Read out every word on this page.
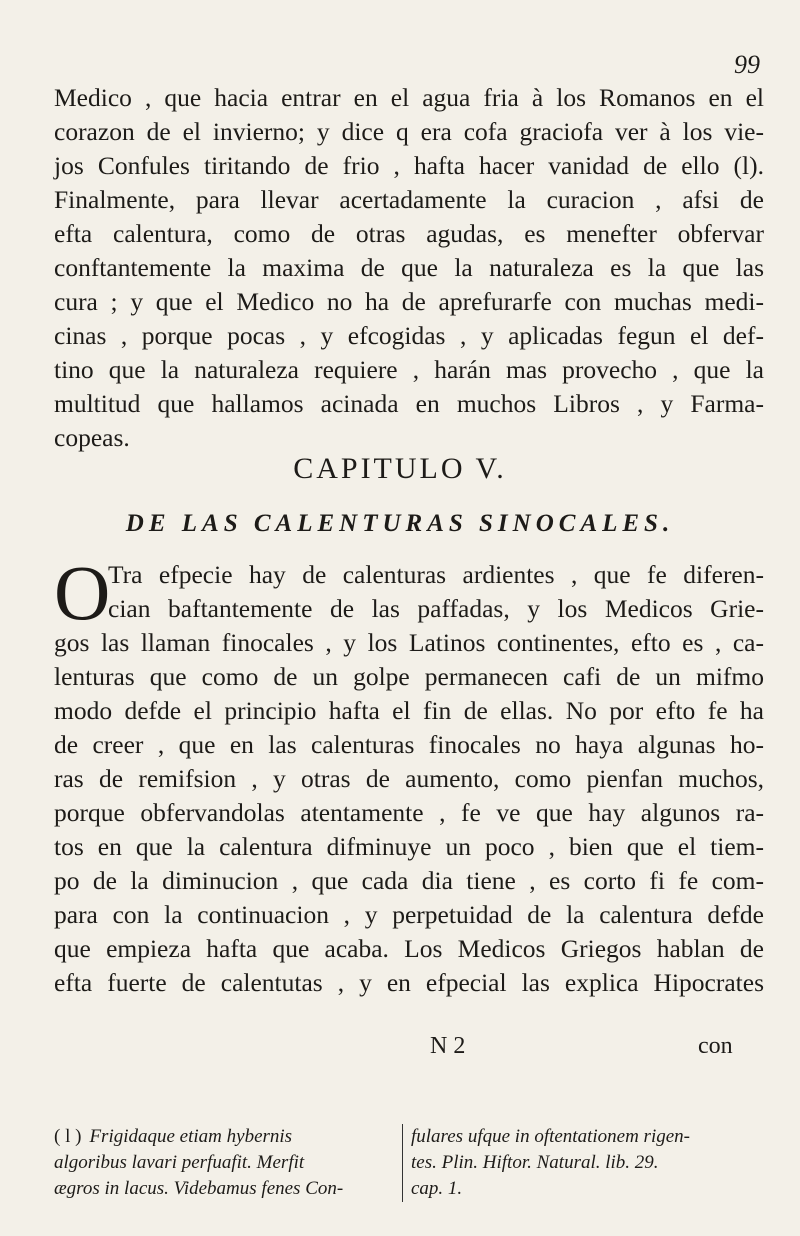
99
Medico , que hacia entrar en el agua fria à los Romanos en el
corazon de el invierno; y dice q era cofa graciofa ver à los vie-
jos Confules tiritando de frio , hafta hacer vanidad de ello (l).
Finalmente, para llevar acertadamente la curacion , afsi de
efta calentura, como de otras agudas, es menefter obfervar
conftantemente la maxima de que la naturaleza es la que las
cura ; y que el Medico no ha de aprefurarfe con muchas medi-
cinas , porque pocas , y efcogidas , y aplicadas fegun el def-
tino que la naturaleza requiere , harán mas provecho , que la
multitud que hallamos acinada en muchos Libros , y Farma-
copeas.
CAPITULO V.
DE LAS CALENTURAS SINOCALES.
O
Tra efpecie hay de calenturas ardientes , que fe diferen-
cian baftantemente de las paffadas, y los Medicos Grie-
gos las llaman finocales , y los Latinos continentes, efto es , ca-
lenturas que como de un golpe permanecen cafi de un mifmo
modo defde el principio hafta el fin de ellas. No por efto fe ha
de creer , que en las calenturas finocales no haya algunas ho-
ras de remifsion , y otras de aumento, como pienfan muchos,
porque obfervandolas atentamente , fe ve que hay algunos ra-
tos en que la calentura difminuye un poco , bien que el tiem-
po de la diminucion , que cada dia tiene , es corto fi fe com-
para con la continuacion , y perpetuidad de la calentura defde
que empieza hafta que acaba. Los Medicos Griegos hablan de
efta fuerte de calentutas , y en efpecial las explica Hipocrates
N 2	con
( l ) Frigidaque etiam hybernis
algoribus lavari perfuafit. Merfit
ægros in lacus. Videbamus fenes Con-
fulares ufque in oftentationem rigen-
tes. Plin. Hiftor. Natural. lib. 29.
cap. 1.
